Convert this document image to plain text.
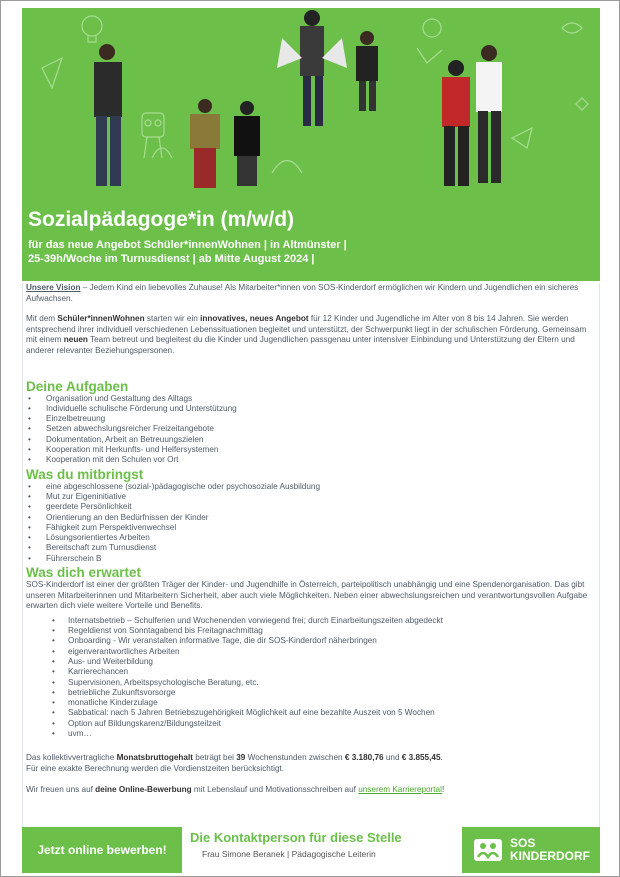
Sozialpädagoge*in (m/w/d)
für das neue Angebot Schüler*innenWohnen | in Altmünster |
25-39h/Woche im Turnusdienst | ab Mitte August 2024 |

Unsere Vision – Jedem Kind ein liebevolles Zuhause! Als Mitarbeiter*innen von SOS-Kinderdorf ermöglichen wir Kindern und Jugendlichen ein sicheres Aufwachsen.

Mit dem Schüler*innenWohnen starten wir ein innovatives, neues Angebot für 12 Kinder und Jugendliche im Alter von 8 bis 14 Jahren. Sie werden entsprechend ihrer individuell verschiedenen Lebenssituationen begleitet und unterstützt, der Schwerpunkt liegt in der schulischen Förderung. Gemeinsam mit einem neuen Team betreut und begleitest du die Kinder und Jugendlichen passgenau unter intensiver Einbindung und Unterstützung der Eltern und anderer relevanter Beziehungspersonen.

Deine Aufgaben
• Organisation und Gestaltung des Alltags
• Individuelle schulische Förderung und Unterstützung
• Einzelbetreuung
• Setzen abwechslungsreicher Freizeitangebote
• Dokumentation, Arbeit an Betreuungszielen
• Kooperation mit Herkunfts- und Helfersystemen
• Kooperation mit den Schulen vor Ort
Was du mitbringst
• eine abgeschlossene (sozial-)pädagogische oder psychosoziale Ausbildung
• Mut zur Eigeninitiative
• geerdete Persönlichkeit
• Orientierung an den Bedürfnissen der Kinder
• Fähigkeit zum Perspektivenwechsel
• Lösungsorientiertes Arbeiten
• Bereitschaft zum Turnusdienst
• Führerschein B
Was dich erwartet

SOS-Kinderdorf ist einer der größten Träger der Kinder- und Jugendhilfe in Österreich, parteipolitisch unabhängig und eine Spendenorganisation. Das gibt unseren Mitarbeiterinnen und Mitarbeitern Sicherheit, aber auch viele Möglichkeiten. Neben einer abwechslungsreichen und verantwortungsvollen Aufgabe erwarten dich viele weitere Vorteile und Benefits.

• Internatsbetrieb – Schulferien und Wochenenden vorwiegend frei; durch Einarbeitungszeiten abgedeckt
• Regeldienst von Sonntagabend bis Freitagnachmittag
• Onboarding - Wir veranstalten informative Tage, die dir SOS-Kinderdorf näherbringen
• eigenverantwortliches Arbeiten
• Aus- und Weiterbildung
• Karrierechancen
• Supervisionen, Arbeitspsychologische Beratung, etc.
• betriebliche Zukunftsvorsorge
• monatliche Kinderzulage
• Sabbatical: nach 5 Jahren Betriebszugehörigkeit Möglichkeit auf eine bezahlte Auszeit von 5 Wochen
• Option auf Bildungskarenz/Bildungsteilzeit
• uvm…

Das kollektivvertragliche Monatsbruttogehalt beträgt bei 39 Wochenstunden zwischen € 3.180,76 und € 3.855,45.

Für eine exakte Berechnung werden die Vordienstzeiten berücksichtigt.

Wir freuen uns auf deine Online-Bewerbung mit Lebenslauf und Motivationsschreiben auf unserem Karriereportal!

Jetzt online bewerben!
Die Kontaktperson für diese Stelle
Frau Simone Beranek | Pädagogische Leiterin
SOS
KINDERDORF
